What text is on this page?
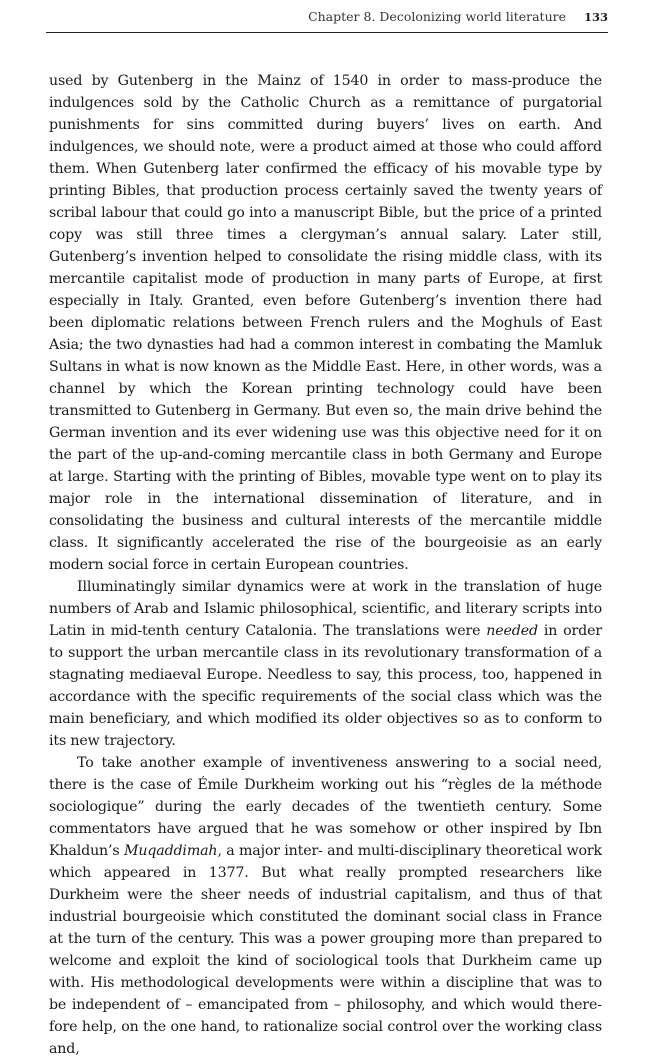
Chapter 8. Decolonizing world literature 133

used by Gutenberg in the Mainz of 1540 in order to mass-produce the indulgences sold by the Catholic Church as a remittance of purgatorial punishments for sins committed during buyers’ lives on earth. And indulgences, we should note, were a product aimed at those who could afford them. When Gutenberg later confirmed the efficacy of his movable type by printing Bibles, that production process certainly saved the twenty years of scribal labour that could go into a manuscript Bible, but the price of a printed copy was still three times a clergyman’s annual salary. Later still, Gutenberg’s invention helped to consolidate the rising middle class, with its mercantile capitalist mode of production in many parts of Europe, at first especially in Italy. Granted, even before Gutenberg’s invention there had been diplomatic relations between French rulers and the Moghuls of East Asia; the two dynasties had had a common interest in combating the Mamluk Sultans in what is now known as the Middle East. Here, in other words, was a channel by which the Korean printing technology could have been transmitted to Gutenberg in Germany. But even so, the main drive behind the German invention and its ever widening use was this objective need for it on the part of the up-and-coming mercantile class in both Germany and Europe at large. Starting with the printing of Bibles, movable type went on to play its major role in the international dissemination of literature, and in consolidating the business and cultural interests of the mercantile middle class. It significantly accelerated the rise of the bourgeoisie as an early modern social force in certain European countries.

Illuminatingly similar dynamics were at work in the translation of huge numbers of Arab and Islamic philosophical, scientific, and literary scripts into Latin in mid-tenth century Catalonia. The translations were needed in order to support the urban mercantile class in its revolutionary transformation of a stagnating mediaeval Europe. Needless to say, this process, too, happened in accordance with the specific requirements of the social class which was the main beneficiary, and which modified its older objectives so as to conform to its new trajectory.

To take another example of inventiveness answering to a social need, there is the case of Émile Durkheim working out his “règles de la méthode sociologique” during the early decades of the twentieth century. Some commentators have argued that he was somehow or other inspired by Ibn Khaldun’s Muqaddimah, a major inter- and multi-disciplinary theoretical work which appeared in 1377. But what really prompted researchers like Durkheim were the sheer needs of industrial capitalism, and thus of that industrial bourgeoisie which constituted the dominant social class in France at the turn of the century. This was a power grouping more than prepared to welcome and exploit the kind of sociological tools that Durkheim came up with. His methodological developments were within a discipline that was to be independent of – emancipated from – philosophy, and which would therefore help, on the one hand, to rationalize social control over the working class and,
